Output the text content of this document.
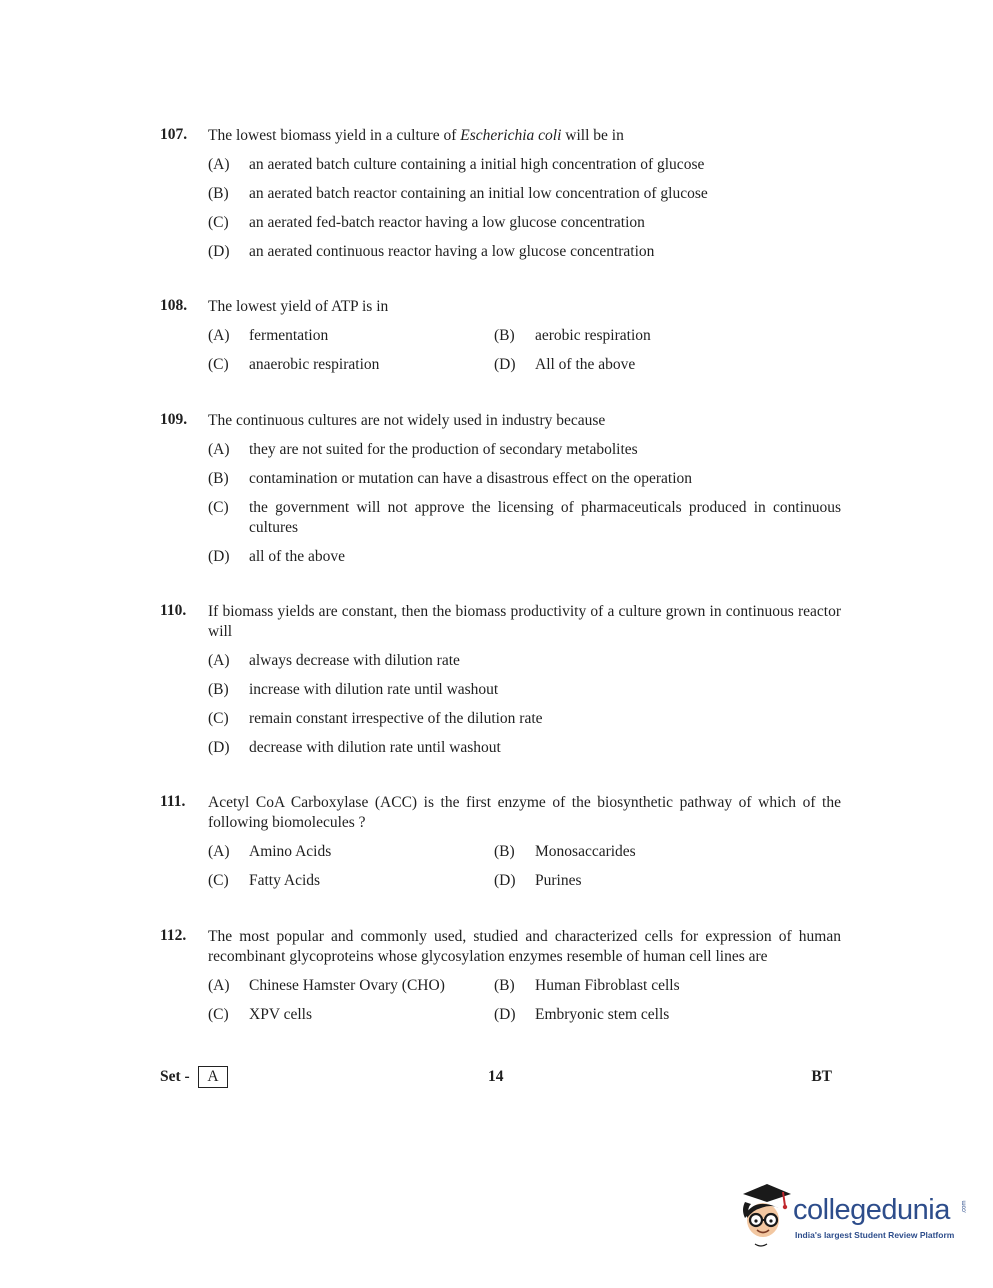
107. The lowest biomass yield in a culture of Escherichia coli will be in
(A) an aerated batch culture containing a initial high concentration of glucose
(B) an aerated batch reactor containing an initial low concentration of glucose
(C) an aerated fed-batch reactor having a low glucose concentration
(D) an aerated continuous reactor having a low glucose concentration
108. The lowest yield of ATP is in
(A) fermentation	(B) aerobic respiration
(C) anaerobic respiration	(D) All of the above
109. The continuous cultures are not widely used in industry because
(A) they are not suited for the production of secondary metabolites
(B) contamination or mutation can have a disastrous effect on the operation
(C) the government will not approve the licensing of pharmaceuticals produced in continuous cultures
(D) all of the above
110. If biomass yields are constant, then the biomass productivity of a culture grown in continuous reactor will
(A) always decrease with dilution rate
(B) increase with dilution rate until washout
(C) remain constant irrespective of the dilution rate
(D) decrease with dilution rate until washout
111. Acetyl CoA Carboxylase (ACC) is the first enzyme of the biosynthetic pathway of which of the following biomolecules ?
(A) Amino Acids	(B) Monosaccarides
(C) Fatty Acids	(D) Purines
112. The most popular and commonly used, studied and characterized cells for expression of human recombinant glycoproteins whose glycosylation enzymes resemble of human cell lines are
(A) Chinese Hamster Ovary (CHO)	(B) Human Fibroblast cells
(C) XPV cells	(D) Embryonic stem cells
Set -	A	14	BT
collegedunia .com
India's largest Student Review Platform
